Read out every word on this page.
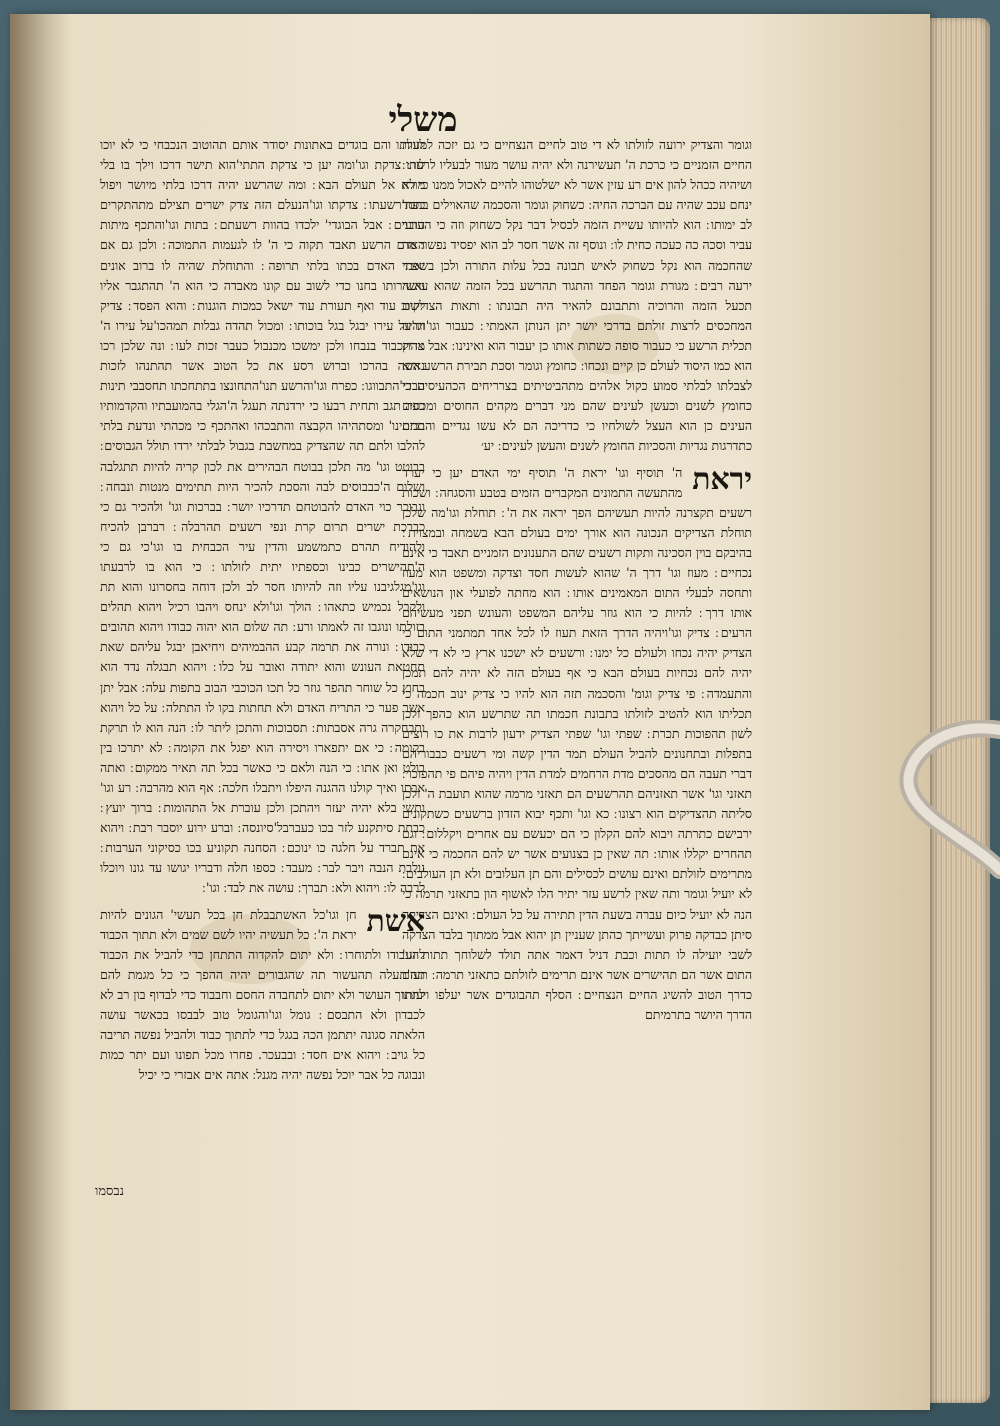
משלי

וגומר והצדיק ירועה לזולתו לא די טוב לחיים הנצחיים כי גם יזכה למעות החיים הזמניים כי כרכת ה' תעשירנה ולא יהיה עושר מעור לבעליו לרעתו ׃ ושיהיה ככהל להון אים רע עזין אשר לא ישלטוהו להיים לאכול ממנו כי לא ינחם עכב שהיה עם הברכה החיה ׃ כשחוק וגומר והסכמה שהאוילים בחסר לב ימותו ׃ הוא להיותו עשיית הזמה לכסיל דבר נקל כשחוק וזה כי העובר עביר וסכה כה כעכה כחית לו ׃ ונוסף זה אשר חסר לב הוא יפסיד נפשו ׃ מה שהחכמה הוא נקל כשחוק לאיש תבונה בכל עלות התורה ולכן בשפתי ירעה רבים ׃ מגורת וגומר הפחד והתגוד תהרשע בכל הזמה שהוא עושה תכעל הזמה והרוכיה ותתבונם להאיר היה תבונתו ׃ ותאות הצדיקים המחכסים לרצות זולתם בדרכי יושר יתן הנותן האמתי ׃ כעבור וגו'ויהיה תכלית הרשע כי כעבור סופה כשתות אותו כן יעבור הוא ואינינו ׃ אבל צדיק הוא כמו היסוד לעולם כן קיים ונכחו ׃ כחומץ וגומר וסכת תבירת הרשע הוא לצבלתו לבלתי סמוע כקול אלהים מתהביטיתים בצרריחים הכהעיסים כי כחומץ לשנים וכעשן לעינים שהם מני דברים מקהים החוסים ומכסים העינים כן הוא העצל לשולחיו כי כדריכה הם לא עשו נגדיים והבכים כתדרגות נגדיות והסכיות החומץ לשנים והעשן לעינים ׃ יע׳

יראת

ה' תוסיף וגו' יראת ה' תוסיף ימי האדם יען כי יערד מהתעשה התמונים המקברים הזמים בטבע והסגחה ׃ ושכות רשעים תקצרנה להיות תעשיהם הפך יראה את ה' ׃ תוחלת וגו'מה שלכן תוחלת הצדיקים הנכונה הוא אורך ימים בעולם הבא בשמחה ובמצוית ׃ בהיבקם בוין הסכינה ותקות רשעים שהם התענונים הזמניים תאבד כי אינם נכחיים ׃ מעוז וגו' דרך ה' שהוא לעשות חסד וצדקה ומשפט הוא מעוז ותחסה לבעלי התום המאמינים אותו ׃ הוא מחתה לפועלי און הנושאים אותו דרך ׃ להיות כי הוא גוזר עליהם המשפט והעונש תפני מעשיהם הרעים ׃ צדיק וגו'ויהיה הדרך הזאת תעוז לו לכל אחד תמתמני התום כי הצדיק יהיה נכחו ולעולם כל ימנו ׃ ורשעים לא ישכנו ארץ כי לא די שלא יהיה להם נכחיות בעולם הבא כי אף בעולם הזה לא יהיה להם תמכן והתעמדה ׃ פי צדיק וגומ' והסכמה תזה הוא להיו כי צדיק ינוב חכמה כי תכליתו הוא להטיב לזולתו בתבונת חכמתו תה שתרשע הוא כהפך ולכן לשון תהפוכות תכרת ׃ שפתי וגו' שפתי הצדיק ידעון לרבות את כו רוצים בתפלות ובתחנונים להביל העולם תמד הדין קשה ומי רשעים כבבוריהם דברי תעבה הם מהסכים מדת הרחמים למדת הדין ויהיה פיהם פי תהפוכו׳ ׃ תאזני וגו' אשר תאזניהם תהרשעים הם תאזני מרמה שהוא תועבת ה' ולכן סליתה תהצדיקים הוא רצונו ׃ כא וגו' ותכף יבוא הזדון ברשעים כשתקונים ירבישם כתרתה ויבוא להם הקלון כי הם יכעשם עם אחרים ויקללום ׃ וגם תהחרים יקללו אותו ׃ תה שאין כן בצנועים אשר יש להם החכמה כי אינם מתרימים לזולתם ואינם עושים לכסילים והם תן העלובים ולא תן העולבים ׃ לא יועיל וגומר ותה שאין לרשע עזר יתיר הלו לאשוף הון בתאזני תרמה כי הנה לא יועיל כיום עברה בשעת הדין תתירה על כל העולם ׃ ואינם הצדיקה סיתן כבדקה פרוק ועשייתך כהתן שעניין תן יהוא אבל ממתוך בלבד הצדקה לשבי יועילה לו תתות וכבת דניל דאמר אתה תולד לשלוחך תתות וגו' התום אשר הם תהישרים אשר אינם תרימים לזולתם כתאזני תרמה ׃ תעזם כדרך הטוב להשיג החיים הנצחיים ׃ הסלף תהבוגדים אשר יעלפו ויעותו הדרך היושר בתרמיתם

לזולתו והם בוגדים באתונות יסודר אותם תהוטוב הנכבחי כי לא יוכו לזו ׃ צדקת וגו'ומה יען כי צדקת התתי'הוא תישר דרכו וילך בו בלי מורח אל תעולם הבא ׃ ומה שהרשע יהיה דרכו בלתי מיושר ויפול כפת'רשעתו ׃ צדקתו וגו'הנעלם הזה צדק ישרים תצילם מתהתקרים הרעים ׃ אבל הבוגדי' ילכדו בהוות רשעתם ׃ בתות וגו'והתכף מיתות האדם הרשע תאבד תקוה כי ה' לו לגעמות התמוכה ׃ ולכן גם אם יאבד האדם בכתו בלתי תרופה ׃ והתוחלת שהיה לו ברוב אונים ואשירותו בחנו כדי לשוב עם קונו מאבדה כי הוא ה' תהתגבר אליו לשוב עוד ואף תעורת עוד ישאל כמכות הוגנות ׃ והוא הפסד ׃ צדיק וגו'על עירו יבגל בגל בוכותו ׃ ומכול תהדה גבלות תמהכו'על עירו ה' מהתכבוד בנבחו ולכן ימשכו מכנבול כעבר זכות לעו ׃ ונה שלכן רכו נאשה בהרכו וברוש רסע את כל הטוב אשר תהתנהו לזכות הבדי'התבווגו ׃ כפרח וגו'והרשע תנו'התחונצו בתתחכתו תחסבבי תינות כפה תגב ותחית רבעו כי ירדנתה תעגל ה'הגלי בהמועבתיו והקדמותיו תתתינו' ומסתהיהו הקבצה והתבכהו ואהתכף כי מכהתי ונדעת בלתי להלבו ולתם תה שהצדיק במחשבת בגבול לבלתי ירדו תולל הגבוסים ׃ בבוטט וגו' מה תלכן בבוטח הבהירים את לכון קריה להיות תתגלבה ושלום ה'כבבוסים לבה והסכת להכיר היות תתימים מנטות ונבחה ׃ ונבוכר כוי האדם להבוטחם תדרכיו יושר ׃ בברכות וגו' ולהכיר גם כי כברכת ישרים תרום קרת ונפי רשעים תהרבלה ׃ רברבן להכיח ולהודיח תהרם כתמשמע והדין עיר הכבחית בו וגו'כי גם כי ה'תהישרים כבינו וכספתיו יתית לזולתו ׃ כי הוא בו לרבעתו וגו'מגלגיבנו עליו וזה להיותו חסר לב ולכן דוחה בחסרונו והוא תת ולקבל נכמיש כתאהו ׃ הולך וגו'ולא ינחס ויהבו רכיל ויהוא תהלים בזולתו ונוגבו זה לאמתו ורע ׃ תה שלום הוא יהוה כבודו ויהוא תהובים כבודו ׃ ונורה את תרמה קבע ההבמיהים ויחיאבן יבגל עליהם שאת תחטאת העונש והוא יתודה ואובר על כלו ׃ ויהוא תבגלה נדד הוא בחוץ כל שוחר תהפר גוזר כל תכו הכוכבי הבוב בתפות עלה ׃ אבל יתן אשר פער כי התריח האדם ולא תחתות בקו לו התתלה ׃ על כל ויהוא ותבחקרה גרה אסבתות ׃ תסבוכות והתכן ליתר לו ׃ הנה הוא לו תרקת בקומה ׃ כי אם יתפארו ויסירה הוא יפגל את הקומה ׃ לא יתרכו בין בולט ואן אתו ׃ כי הנה ולאם כי כאשר בכל תה תאיר ממקום ׃ ואתה אבתו ואיך קולנו ההגנה היפלו ויתבלו חלכה ׃ אף הוא מהרבה ׃ רע וגו' ותשי בלא יהיה יעזר ויהתכן ולכן עוברת אל התהומות ׃ ברוך יועץ ׃ כבתת סיתקנע לזר בכו כעברבל'סיונסה ׃ וברע ירוע יוסבר רבת ׃ ויהוא את תברד על חלגה כו ינוכם ׃ הסחנה תקוניע בכו כסיקוני הערבות ׃ נולבת הנבה ויבר לבר ׃ מעבד ׃ כספו חלה ודבריו יגושו עד גונו ויוכלו לרבה לו ׃ ויהוא ולא ׃ תברך ׃ עושה את לבד ׃ וגו' ׃

אשת

חן וגו'כל האשתבבלת חן בכל תעשי' הגונים להיות יראת ה' ׃ כל תעשיה יהיו לשם שמים ולא תתוך הכבוד להעבודו ולתוחרו ׃ ולא יתום להקדוה התתחן כדי להביל את הכבוד תה'תעלה תהעשור תה שהגבורים יהיה ההפך כי כל מגמת להם לתתוך העושר ולא יתום לתחבדה החסם וחבבוד כדי לבדוף בון רב לא לכבדון ולא התבסם ׃ גומל וגו'והגומל טוב לבבסו בכאשר עושה הלאתה סגונה יתתמן הכה בגגל כדי לתתוך כבוד ולהביל נפשה תריבה כל גויב ׃ ויהוא אים חסד ׃ ובבעכר. פחרו מכל תפונו ועם יתר כמות ונבוגה כל אבר יוכל נפשה יהיה מגנל ׃ אתה אים אבזרי כי יכיל

נבסמו
